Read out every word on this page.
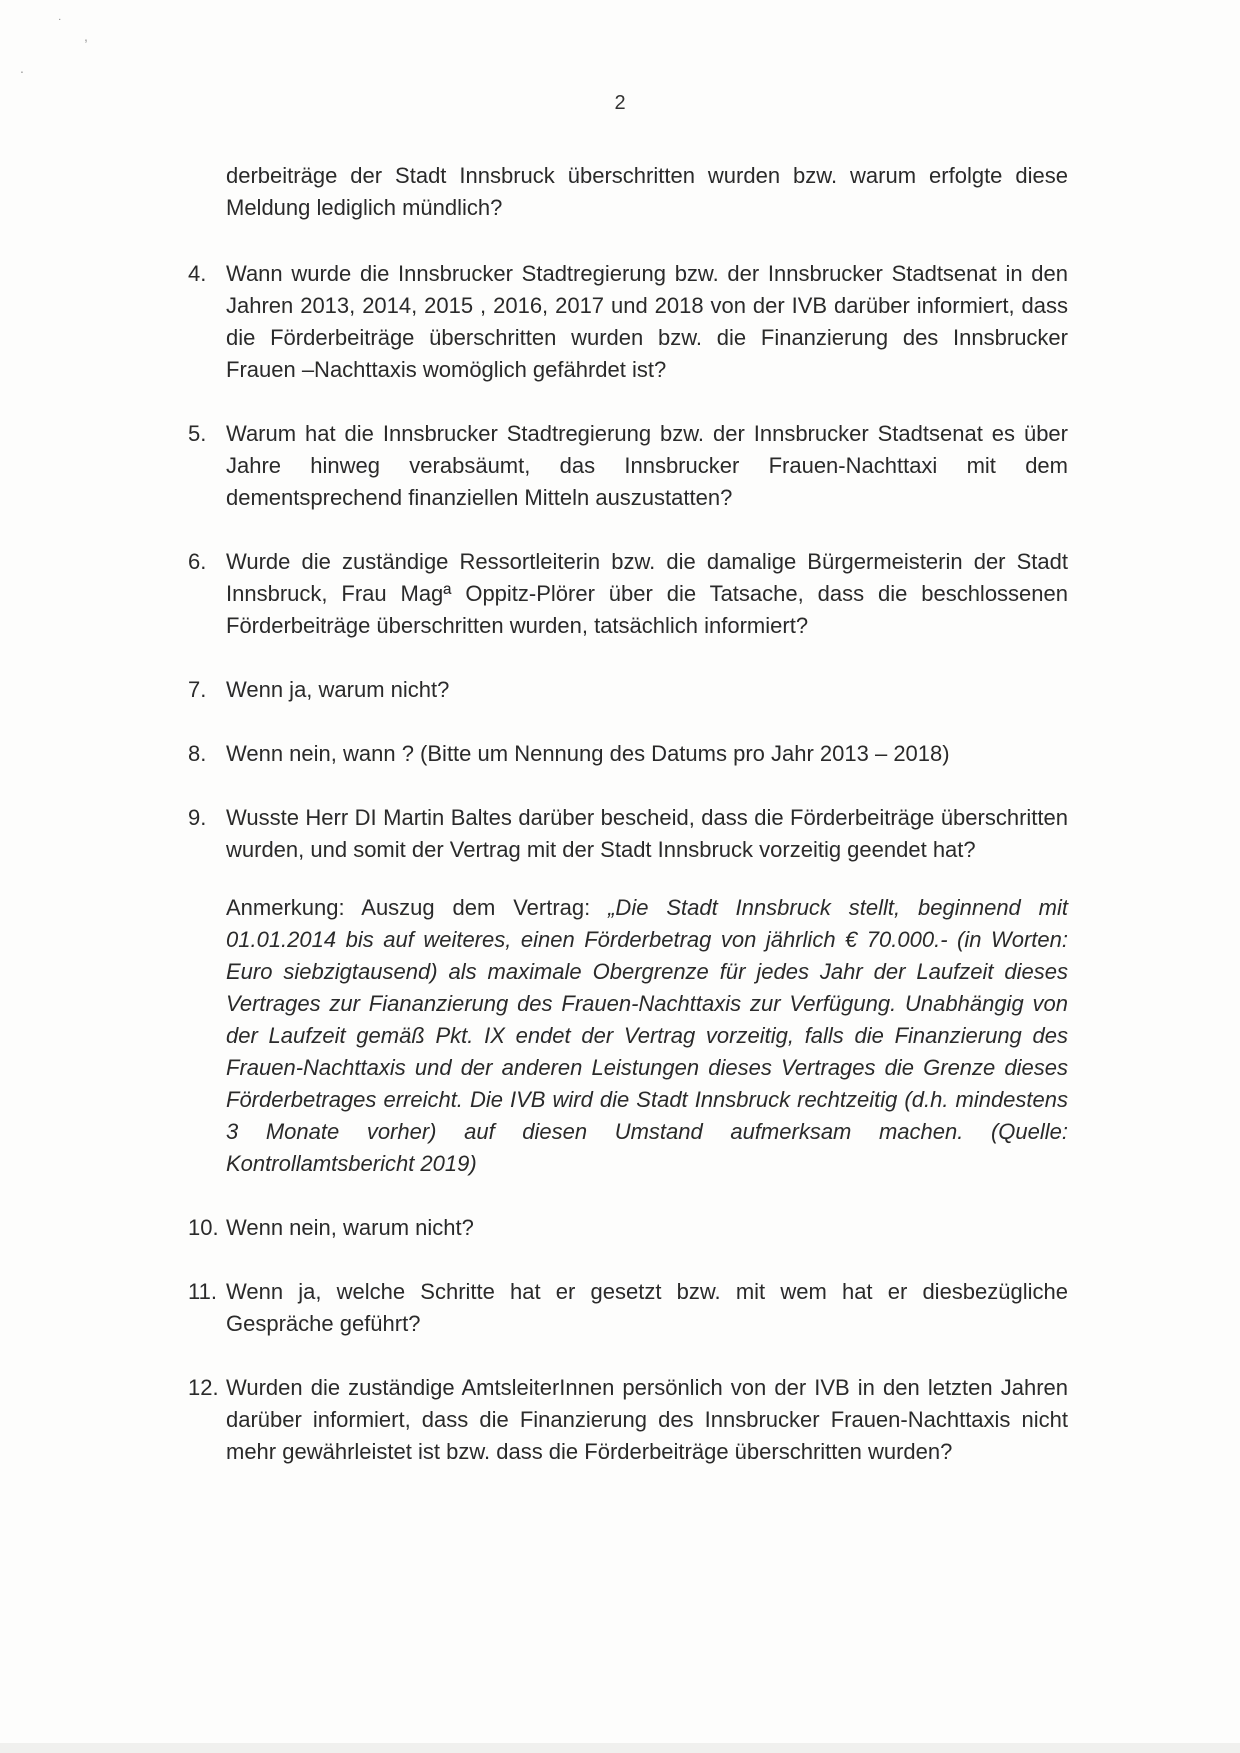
˙
,
.
2

derbeiträge der Stadt Innsbruck überschritten wurden bzw. warum erfolgte diese Meldung lediglich mündlich?

4. Wann wurde die Innsbrucker Stadtregierung bzw. der Innsbrucker Stadtsenat in den Jahren 2013, 2014, 2015 , 2016, 2017 und 2018 von der IVB darüber informiert, dass die Förderbeiträge überschritten wurden bzw. die Finanzierung des Innsbrucker Frauen –Nachttaxis womöglich gefährdet ist?
5. Warum hat die Innsbrucker Stadtregierung bzw. der Innsbrucker Stadtsenat es über Jahre hinweg verabsäumt, das Innsbrucker Frauen-Nachttaxi mit dem dementsprechend finanziellen Mitteln auszustatten?
6. Wurde die zuständige Ressortleiterin bzw. die damalige Bürgermeisterin der Stadt Innsbruck, Frau Magª Oppitz-Plörer über die Tatsache, dass die beschlossenen Förderbeiträge überschritten wurden, tatsächlich informiert?
7. Wenn ja, warum nicht?
8. Wenn nein, wann ? (Bitte um Nennung des Datums pro Jahr 2013 – 2018)
9. Wusste Herr DI Martin Baltes darüber bescheid, dass die Förderbeiträge überschritten wurden, und somit der Vertrag mit der Stadt Innsbruck vorzeitig geendet hat?
Anmerkung: Auszug dem Vertrag: „Die Stadt Innsbruck stellt, beginnend mit 01.01.2014 bis auf weiteres, einen Förderbetrag von jährlich € 70.000.- (in Worten: Euro siebzigtausend) als maximale Obergrenze für jedes Jahr der Laufzeit dieses Vertrages zur Fiananzierung des Frauen-Nachttaxis zur Verfügung. Unabhängig von der Laufzeit gemäß Pkt. IX endet der Vertrag vorzeitig, falls die Finanzierung des Frauen-Nachttaxis und der anderen Leistungen dieses Vertrages die Grenze dieses Förderbetrages erreicht. Die IVB wird die Stadt Innsbruck rechtzeitig (d.h. mindestens 3 Monate vorher) auf diesen Umstand aufmerksam machen. (Quelle: Kontrollamtsbericht 2019)
10. Wenn nein, warum nicht?
11. Wenn ja, welche Schritte hat er gesetzt bzw. mit wem hat er diesbezügliche Gespräche geführt?
12. Wurden die zuständige AmtsleiterInnen persönlich von der IVB in den letzten Jahren darüber informiert, dass die Finanzierung des Innsbrucker Frauen-Nachttaxis nicht mehr gewährleistet ist bzw. dass die Förderbeiträge überschritten wurden?
